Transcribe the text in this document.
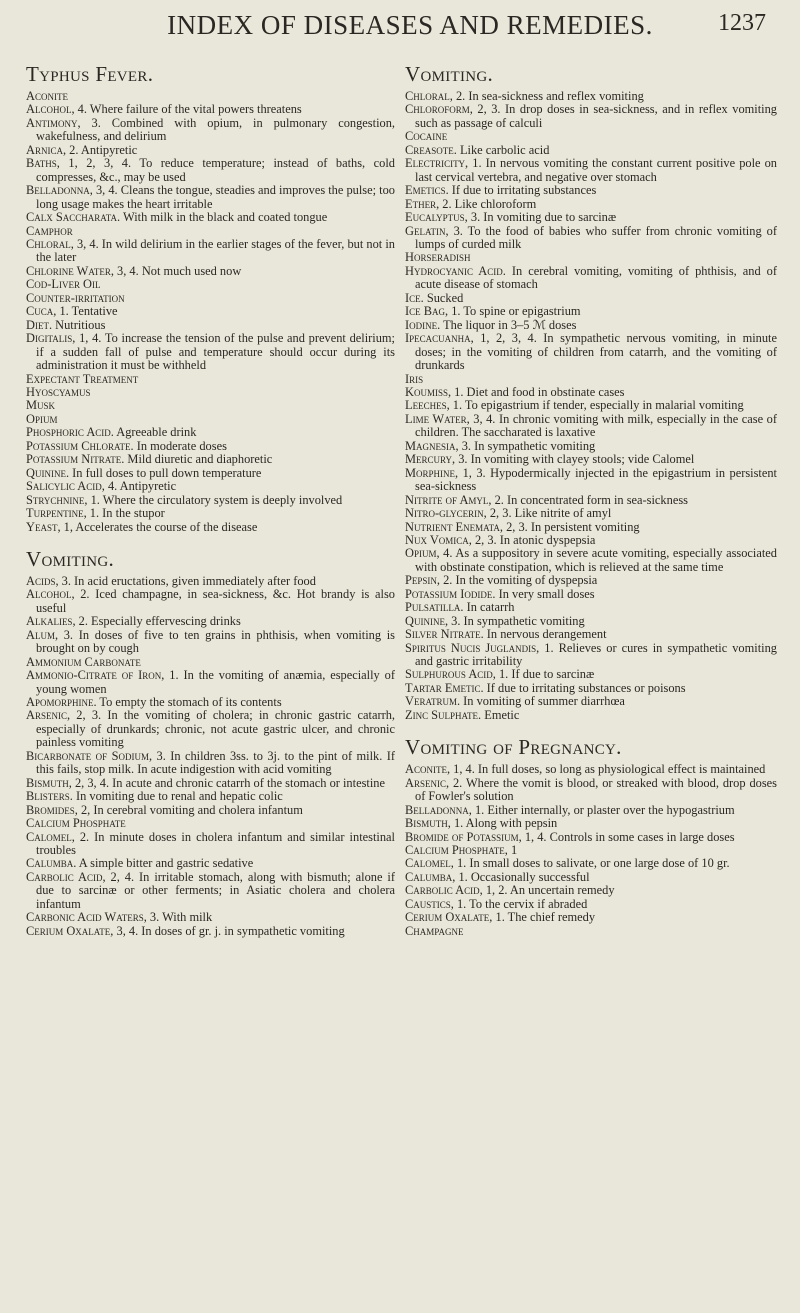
INDEX OF DISEASES AND REMEDIES.	1237
Typhus Fever.

Aconite

Alcohol, 4. Where failure of the vital powers threatens

Antimony, 3. Combined with opium, in pulmonary congestion, wakefulness, and delirium

Arnica, 2. Antipyretic

Baths, 1, 2, 3, 4. To reduce temperature; instead of baths, cold compresses, &c., may be used

Belladonna, 3, 4. Cleans the tongue, steadies and improves the pulse; too long usage makes the heart irritable

Calx Saccharata. With milk in the black and coated tongue

Camphor

Chloral, 3, 4. In wild delirium in the earlier stages of the fever, but not in the later

Chlorine Water, 3, 4. Not much used now

Cod-Liver Oil

Counter-irritation

Cuca, 1. Tentative

Diet. Nutritious

Digitalis, 1, 4. To increase the tension of the pulse and prevent delirium; if a sudden fall of pulse and temperature should occur during its administration it must be withheld

Expectant Treatment

Hyoscyamus

Musk

Opium

Phosphoric Acid. Agreeable drink

Potassium Chlorate. In moderate doses

Potassium Nitrate. Mild diuretic and diaphoretic

Quinine. In full doses to pull down temperature

Salicylic Acid, 4. Antipyretic

Strychnine, 1. Where the circulatory system is deeply involved

Turpentine, 1. In the stupor

Yeast, 1, Accelerates the course of the disease

Vomiting.

Acids, 3. In acid eructations, given immediately after food

Alcohol, 2. Iced champagne, in sea-sickness, &c. Hot brandy is also useful

Alkalies, 2. Especially effervescing drinks

Alum, 3. In doses of five to ten grains in phthisis, when vomiting is brought on by cough

Ammonium Carbonate

Ammonio-Citrate of Iron, 1. In the vomiting of anæmia, especially of young women

Apomorphine. To empty the stomach of its contents

Arsenic, 2, 3. In the vomiting of cholera; in chronic gastric catarrh, especially of drunkards; chronic, not acute gastric ulcer, and chronic painless vomiting

Bicarbonate of Sodium, 3. In children 3ss. to 3j. to the pint of milk. If this fails, stop milk. In acute indigestion with acid vomiting

Bismuth, 2, 3, 4. In acute and chronic catarrh of the stomach or intestine

Blisters. In vomiting due to renal and hepatic colic

Bromides, 2, In cerebral vomiting and cholera infantum

Calcium Phosphate

Calomel, 2. In minute doses in cholera infantum and similar intestinal troubles

Calumba. A simple bitter and gastric sedative

Carbolic Acid, 2, 4. In irritable stomach, along with bismuth; alone if due to sarcinæ or other ferments; in Asiatic cholera and cholera infantum

Carbonic Acid Waters, 3. With milk

Cerium Oxalate, 3, 4. In doses of gr. j. in sympathetic vomiting

Vomiting.

Chloral, 2. In sea-sickness and reflex vomiting

Chloroform, 2, 3. In drop doses in sea-sickness, and in reflex vomiting such as passage of calculi

Cocaine

Creasote. Like carbolic acid

Electricity, 1. In nervous vomiting the constant current positive pole on last cervical vertebra, and negative over stomach

Emetics. If due to irritating substances

Ether, 2. Like chloroform

Eucalyptus, 3. In vomiting due to sarcinæ

Gelatin, 3. To the food of babies who suffer from chronic vomiting of lumps of curded milk

Horseradish

Hydrocyanic Acid. In cerebral vomiting, vomiting of phthisis, and of acute disease of stomach

Ice. Sucked

Ice Bag, 1. To spine or epigastrium

Iodine. The liquor in 3–5 ℳ doses

Ipecacuanha, 1, 2, 3, 4. In sympathetic nervous vomiting, in minute doses; in the vomiting of children from catarrh, and the vomiting of drunkards

Iris

Koumiss, 1. Diet and food in obstinate cases

Leeches, 1. To epigastrium if tender, especially in malarial vomiting

Lime Water, 3, 4. In chronic vomiting with milk, especially in the case of children. The saccharated is laxative

Magnesia, 3. In sympathetic vomiting

Mercury, 3. In vomiting with clayey stools; vide Calomel

Morphine, 1, 3. Hypodermically injected in the epigastrium in persistent sea-sickness

Nitrite of Amyl, 2. In concentrated form in sea-sickness

Nitro-glycerin, 2, 3. Like nitrite of amyl

Nutrient Enemata, 2, 3. In persistent vomiting

Nux Vomica, 2, 3. In atonic dyspepsia

Opium, 4. As a suppository in severe acute vomiting, especially associated with obstinate constipation, which is relieved at the same time

Pepsin, 2. In the vomiting of dyspepsia

Potassium Iodide. In very small doses

Pulsatilla. In catarrh

Quinine, 3. In sympathetic vomiting

Silver Nitrate. In nervous derangement

Spiritus Nucis Juglandis, 1. Relieves or cures in sympathetic vomiting and gastric irritability

Sulphurous Acid, 1. If due to sarcinæ

Tartar Emetic. If due to irritating substances or poisons

Veratrum. In vomiting of summer diarrhœa

Zinc Sulphate. Emetic

Vomiting of Pregnancy.

Aconite, 1, 4. In full doses, so long as physiological effect is maintained

Arsenic, 2. Where the vomit is blood, or streaked with blood, drop doses of Fowler's solution

Belladonna, 1. Either internally, or plaster over the hypogastrium

Bismuth, 1. Along with pepsin

Bromide of Potassium, 1, 4. Controls in some cases in large doses

Calcium Phosphate, 1

Calomel, 1. In small doses to salivate, or one large dose of 10 gr.

Calumba, 1. Occasionally successful

Carbolic Acid, 1, 2. An uncertain remedy

Caustics, 1. To the cervix if abraded

Cerium Oxalate, 1. The chief remedy

Champagne
